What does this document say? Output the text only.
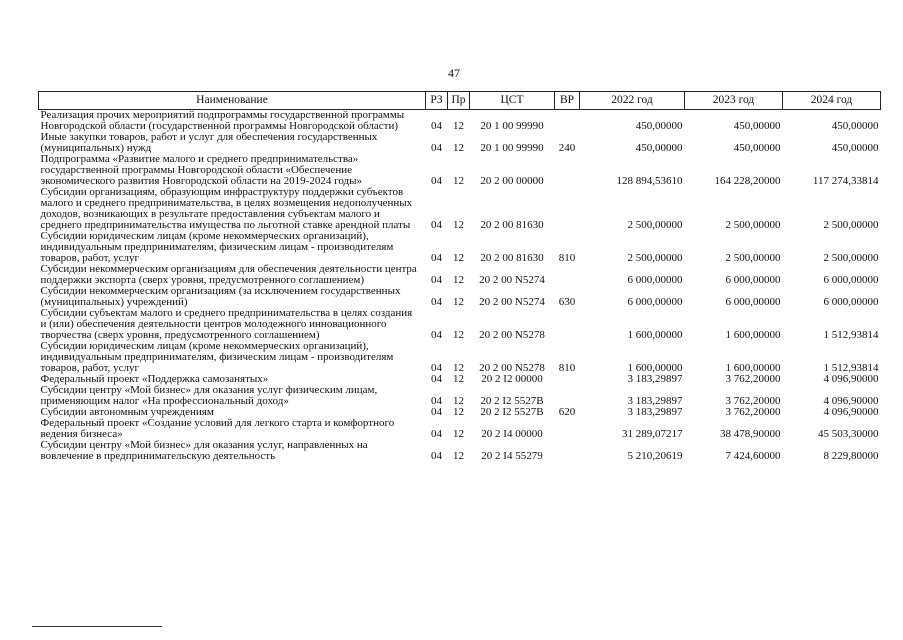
47
Наименование	РЗ	Пр	ЦСТ	ВР	2022 год	2023 год	2024 год
Реализация прочих мероприятий подпрограммы государственной программы Новгородской области (государственной программы Новгородской области)	04	12	20 1 00 99990		450,00000	450,00000	450,00000
Иные закупки товаров, работ и услуг для обеспечения государственных (муниципальных) нужд	04	12	20 1 00 99990	240	450,00000	450,00000	450,00000
Подпрограмма «Развитие малого и среднего предпринимательства» государственной программы Новгородской области «Обеспечение экономического развития Новгородской области на 2019-2024 годы»	04	12	20 2 00 00000		128 894,53610	164 228,20000	117 274,33814
Субсидии организациям, образующим инфраструктуру поддержки субъектов малого и среднего предпринимательства, в целях возмещения недополученных доходов, возникающих в результате предоставления субъектам малого и среднего предпринимательства имущества по льготной ставке арендной платы	04	12	20 2 00 81630		2 500,00000	2 500,00000	2 500,00000
Субсидии юридическим лицам (кроме некоммерческих организаций), индивидуальным предпринимателям, физическим лицам - производителям товаров, работ, услуг	04	12	20 2 00 81630	810	2 500,00000	2 500,00000	2 500,00000
Субсидии некоммерческим организациям для обеспечения деятельности центра поддержки экспорта (сверх уровня, предусмотренного соглашением)	04	12	20 2 00 N5274		6 000,00000	6 000,00000	6 000,00000
Субсидии некоммерческим организациям (за исключением государственных (муниципальных) учреждений)	04	12	20 2 00 N5274	630	6 000,00000	6 000,00000	6 000,00000
Субсидии субъектам малого и среднего предпринимательства в целях создания и (или) обеспечения деятельности центров молодежного инновационного творчества (сверх уровня, предусмотренного соглашением)	04	12	20 2 00 N5278		1 600,00000	1 600,00000	1 512,93814
Субсидии юридическим лицам (кроме некоммерческих организаций), индивидуальным предпринимателям, физическим лицам - производителям товаров, работ, услуг	04	12	20 2 00 N5278	810	1 600,00000	1 600,00000	1 512,93814
Федеральный проект «Поддержка самозанятых»	04	12	20 2 I2 00000		3 183,29897	3 762,20000	4 096,90000
Субсидии центру «Мой бизнес» для оказания услуг физическим лицам, применяющим налог «На профессиональный доход»	04	12	20 2 I2 5527B		3 183,29897	3 762,20000	4 096,90000
Субсидии автономным учреждениям	04	12	20 2 I2 5527B	620	3 183,29897	3 762,20000	4 096,90000
Федеральный проект «Создание условий для легкого старта и комфортного ведения бизнеса»	04	12	20 2 I4 00000		31 289,07217	38 478,90000	45 503,30000
Субсидии центру «Мой бизнес» для оказания услуг, направленных на вовлечение в предпринимательскую деятельность	04	12	20 2 I4 55279		5 210,20619	7 424,60000	8 229,80000
